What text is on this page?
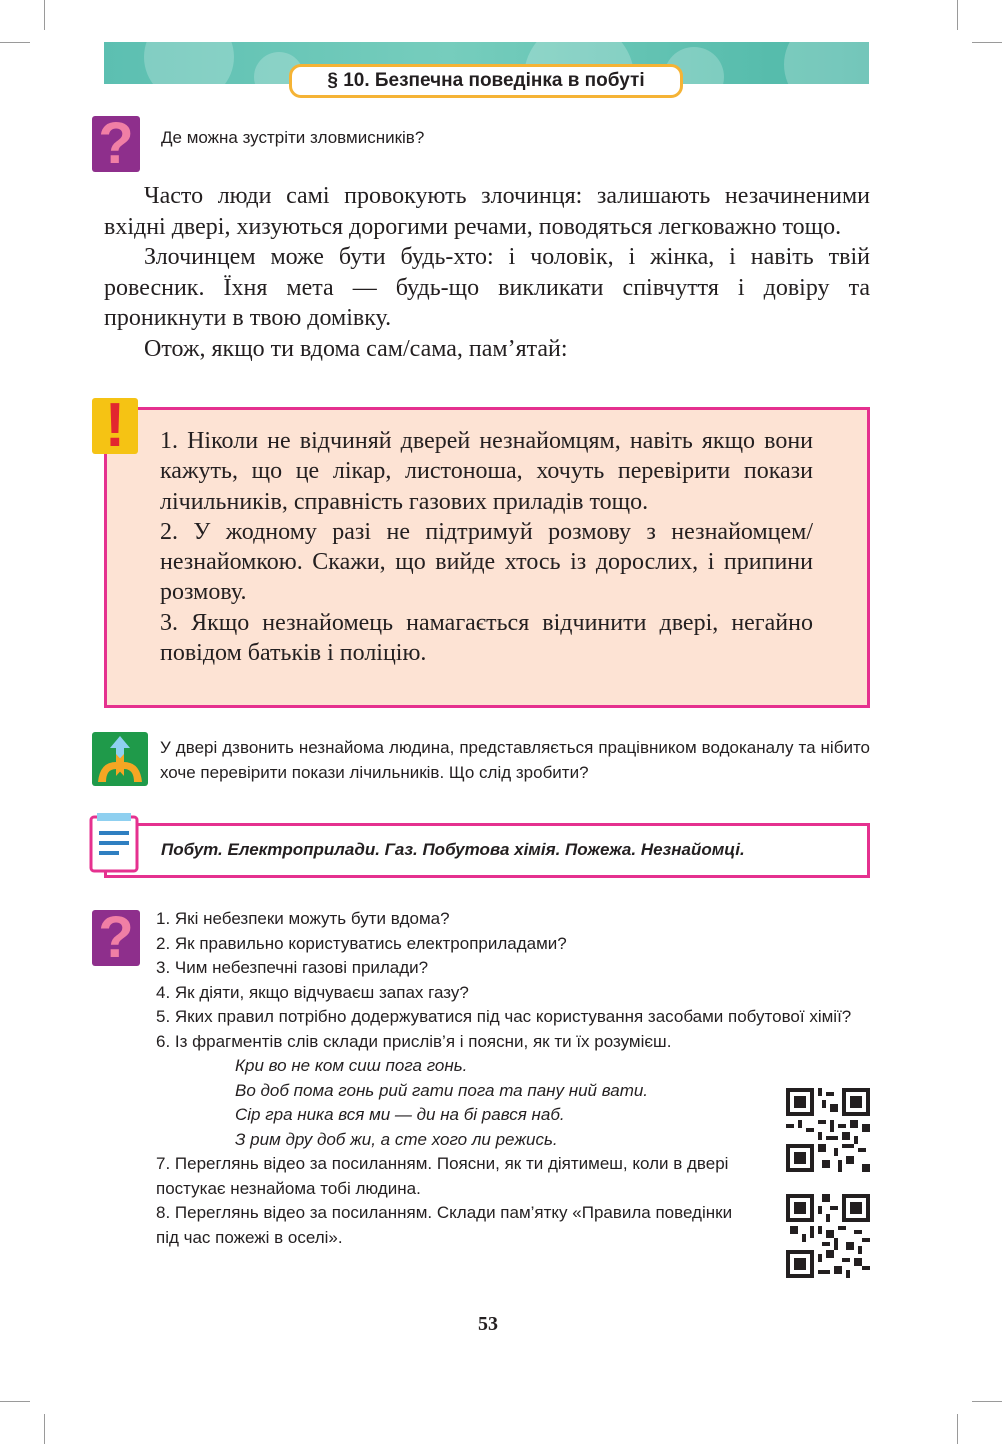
§ 10. Безпечна поведінка в побуті
?	Де можна зустріти зловмисників?

Часто люди самі провокують злочинця: залишають незачиненими вхідні двері, хизуються дорогими речами, поводяться легковажно тощо.

Злочинцем може бути будь-хто: і чоловік, і жінка, і навіть твій ровесник. Їхня мета — будь-що викликати співчуття і довіру та проникнути в твою домівку.

Отож, якщо ти вдома сам/сама, пам’ятай:

!	1. Ніколи не відчиняй дверей незнайомцям, навіть якщо вони кажуть, що це лікар, листоноша, хочуть перевірити покази лічильників, справність газових приладів тощо.

2. У жодному разі не підтримуй розмову з незнайомцем/незнайомкою. Скажи, що вийде хтось із дорослих, і припини розмову.

3. Якщо незнайомець намагається відчинити двері, негайно повідом батьків і поліцію.

У двері дзвонить незнайома людина, представляється працівником водоканалу та нібито хоче перевірити покази лічильників. Що слід зробити?
Побут. Електроприлади. Газ. Побутова хімія. Пожежа. Незнайомці.
?	1. Які небезпеки можуть бути вдома?
2. Як правильно користуватись електроприладами?
3. Чим небезпечні газові прилади?
4. Як діяти, якщо відчуваєш запах газу?
5. Яких правил потрібно додержуватися під час користування засобами побутової хімії?
6. Із фрагментів слів склади прислів’я і поясни, як ти їх розумієш.
Кри во не ком сиш пога гонь.
Во доб пома гонь рий гати пога та пану ний вати.
Сір гра ника вся ми — ди на бі рався наб.
З рим дру доб жи, а сте хого ли режись.
7. Переглянь відео за посиланням. Поясни, як ти діятимеш, коли в двері постукає незнайома тобі людина.
8. Переглянь відео за посиланням. Склади пам’ятку «Правила поведінки під час пожежі в оселі».
53
